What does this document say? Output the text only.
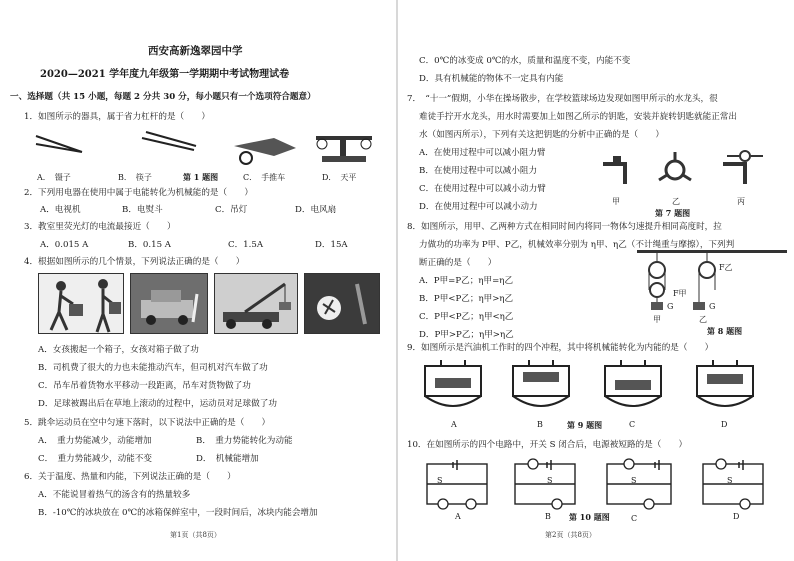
西安高新逸翠园中学
2020—2021 学年度九年级第一学期期中考试物理试卷
一、选择题（共 15 小题，每题 2 分共 30 分，每小题只有一个选项符合题意）
1．如图所示的器具，属于省力杠杆的是（　　）
A．　镊子	B．　筷子	第 1 题图	C．　手推车	D．　天平
2．下列用电器在使用中属于电能转化为机械能的是（　　）
A．电视机	B．电熨斗	C．吊灯	D．电风扇
3．教室里荧光灯的电流最接近（　　）
A．0.015 A	B．0.15 A	C．1.5A	D．15A
4．根据如图所示的几个情景，下列说法正确的是（　　）
A．女孩搬起一个箱子，女孩对箱子做了功
B．司机费了很大的力也未能推动汽车，但司机对汽车做了功
C．吊车吊着货物水平移动一段距离，吊车对货物做了功
D．足球被踢出后在草地上滚动的过程中，运动员对足球做了功
5．跳伞运动员在空中匀速下落时，以下说法中正确的是（　　）
A．　重力势能减少，动能增加	B．　重力势能转化为动能
C．　重力势能减少，动能不变	D．　机械能增加
6．关于温度、热量和内能，下列说法正确的是（　　）
A．不能说冒着热气的汤含有的热量较多
B．-10℃的冰块放在 0℃的冰箱保鲜室中，一段时间后，冰块内能会增加
第1页（共8页）
C．0℃的冰变成 0℃的水，质量和温度不变，内能不变
D．具有机械能的物体不一定具有内能
7．　“十一”假期，小华在操场散步，在学校篮球场边发现如图甲所示的水龙头，很
难徒手拧开水龙头，用水时需要加上如图乙所示的钥匙，安装并旋转钥匙就能正常出
水（如图丙所示），下列有关这把钥匙的分析中正确的是（　　）
A．在使用过程中可以减小阻力臂
B．在使用过程中可以减小阻力
C．在使用过程中可以减小动力臂
D．在使用过程中可以减小动力
甲	乙	丙
第 7 题图
8．如图所示，用甲、乙两种方式在相同时间内将同一物体匀速提升相同高度时，拉
力做功的功率为 P甲、P乙，机械效率分别为 η甲、η乙（不计绳重与摩擦），下列判
断正确的是（　　）
A．P甲=P乙；η甲=η乙
B．P甲<P乙；η甲>η乙
C．P甲<P乙；η甲<η乙
D．P甲>P乙；η甲>η乙
F甲
F乙
G	G
甲	乙
第 8 题图
9．如图所示是汽油机工作时的四个冲程，其中将机械能转化为内能的是（　　）
A	B	第 9 题图	C	D
10．在如图所示的四个电路中，开关 S 闭合后，电源被短路的是（　　）
S	S	S	S
A	B 第 10 题图	C	D
第2页（共8页）
